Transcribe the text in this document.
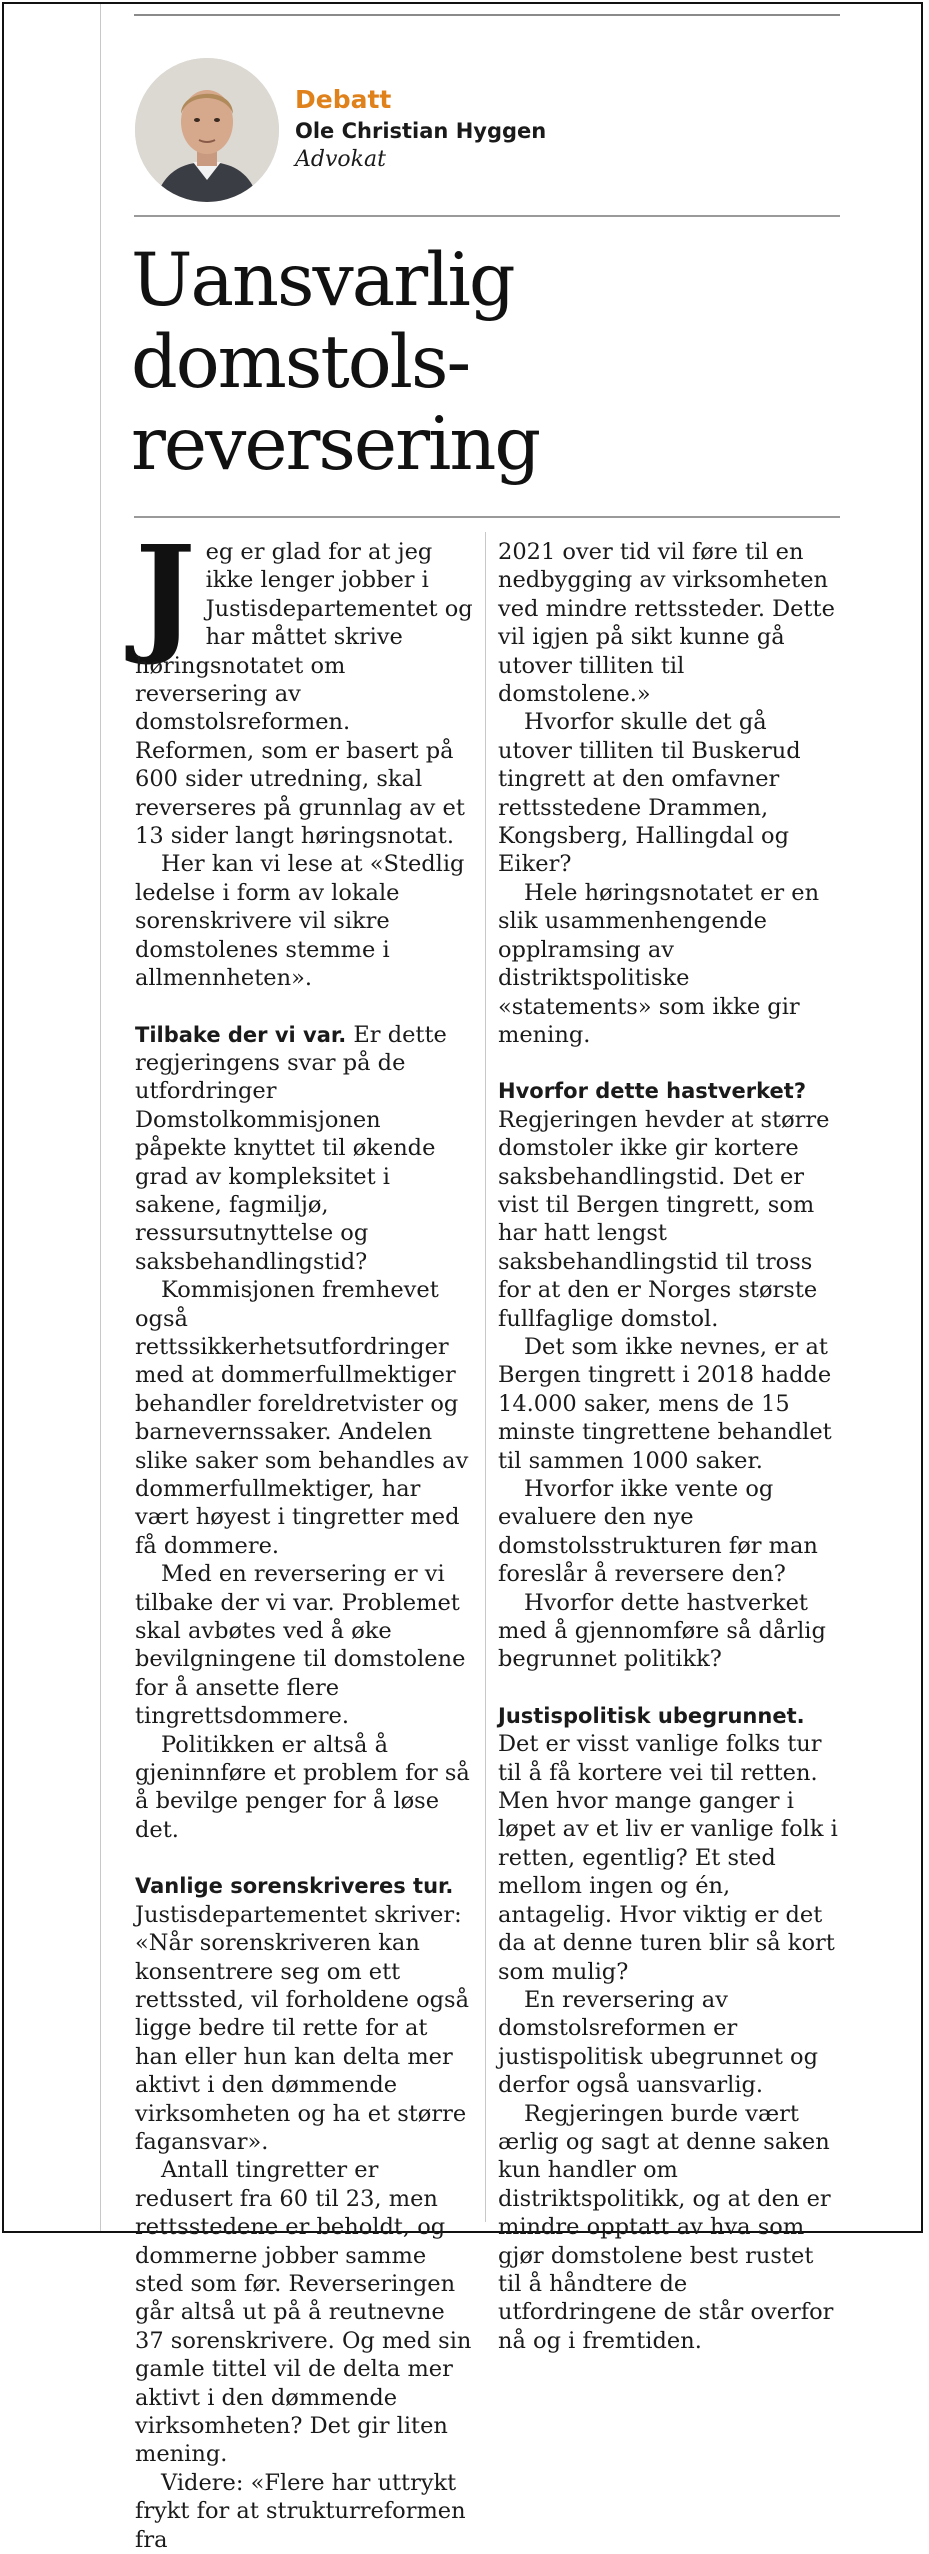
Debatt
Ole Christian Hyggen
Advokat
Uansvarlig domstols-reversering
J eg er glad for at jeg ikke lenger jobber i Justisdepartementet og har måttet skrive høringsnotatet om reversering av domstolsreformen. Reformen, som er basert på 600 sider utredning, skal reverseres på grunnlag av et 13 sider langt høringsnotat.

Her kan vi lese at «Stedlig ledelse i form av lokale sorenskrivere vil sikre domstolenes stemme i allmennheten».

Tilbake der vi var. Er dette regjeringens svar på de utfordringer Domstolkommisjonen påpekte knyttet til økende grad av kompleksitet i sakene, fagmiljø, ressursutnyttelse og saksbehandlingstid?

Kommisjonen fremhevet også rettssikkerhetsutfordringer med at dommerfullmektiger behandler foreldretvister og barnevernssaker. Andelen slike saker som behandles av dommerfullmektiger, har vært høyest i tingretter med få dommere.

Med en reversering er vi tilbake der vi var. Problemet skal avbøtes ved å øke bevilgningene til domstolene for å ansette flere tingrettsdommere.

Politikken er altså å gjeninnføre et problem for så å bevilge penger for å løse det.

Vanlige sorenskriveres tur. Justisdepartementet skriver: «Når sorenskriveren kan konsentrere seg om ett rettssted, vil forholdene også ligge bedre til rette for at han eller hun kan delta mer aktivt i den dømmende virksomheten og ha et større fagansvar».

Antall tingretter er redusert fra 60 til 23, men rettsstedene er beholdt, og dommerne jobber samme sted som før. Reverseringen går altså ut på å reutnevne 37 sorenskrivere. Og med sin gamle tittel vil de delta mer aktivt i den dømmende virksomheten? Det gir liten mening.

Videre: «Flere har uttrykt frykt for at strukturreformen fra

2021 over tid vil føre til en nedbygging av virksomheten ved mindre rettssteder. Dette vil igjen på sikt kunne gå utover tilliten til domstolene.»

Hvorfor skulle det gå utover tilliten til Buskerud tingrett at den omfavner rettsstedene Drammen, Kongsberg, Hallingdal og Eiker?

Hele høringsnotatet er en slik usammenhengende opplramsing av distriktspolitiske «statements» som ikke gir mening.

Hvorfor dette hastverket? Regjeringen hevder at større domstoler ikke gir kortere saksbehandlingstid. Det er vist til Bergen tingrett, som har hatt lengst saksbehandlingstid til tross for at den er Norges største fullfaglige domstol.

Det som ikke nevnes, er at Bergen tingrett i 2018 hadde 14.000 saker, mens de 15 minste tingrettene behandlet til sammen 1000 saker.

Hvorfor ikke vente og evaluere den nye domstolsstrukturen før man foreslår å reversere den?

Hvorfor dette hastverket med å gjennomføre så dårlig begrunnet politikk?

Justispolitisk ubegrunnet. Det er visst vanlige folks tur til å få kortere vei til retten. Men hvor mange ganger i løpet av et liv er vanlige folk i retten, egentlig? Et sted mellom ingen og én, antagelig. Hvor viktig er det da at denne turen blir så kort som mulig?

En reversering av domstolsreformen er justispolitisk ubegrunnet og derfor også uansvarlig.

Regjeringen burde vært ærlig og sagt at denne saken kun handler om distriktspolitikk, og at den er mindre opptatt av hva som gjør domstolene best rustet til å håndtere de utfordringene de står overfor nå og i fremtiden.
